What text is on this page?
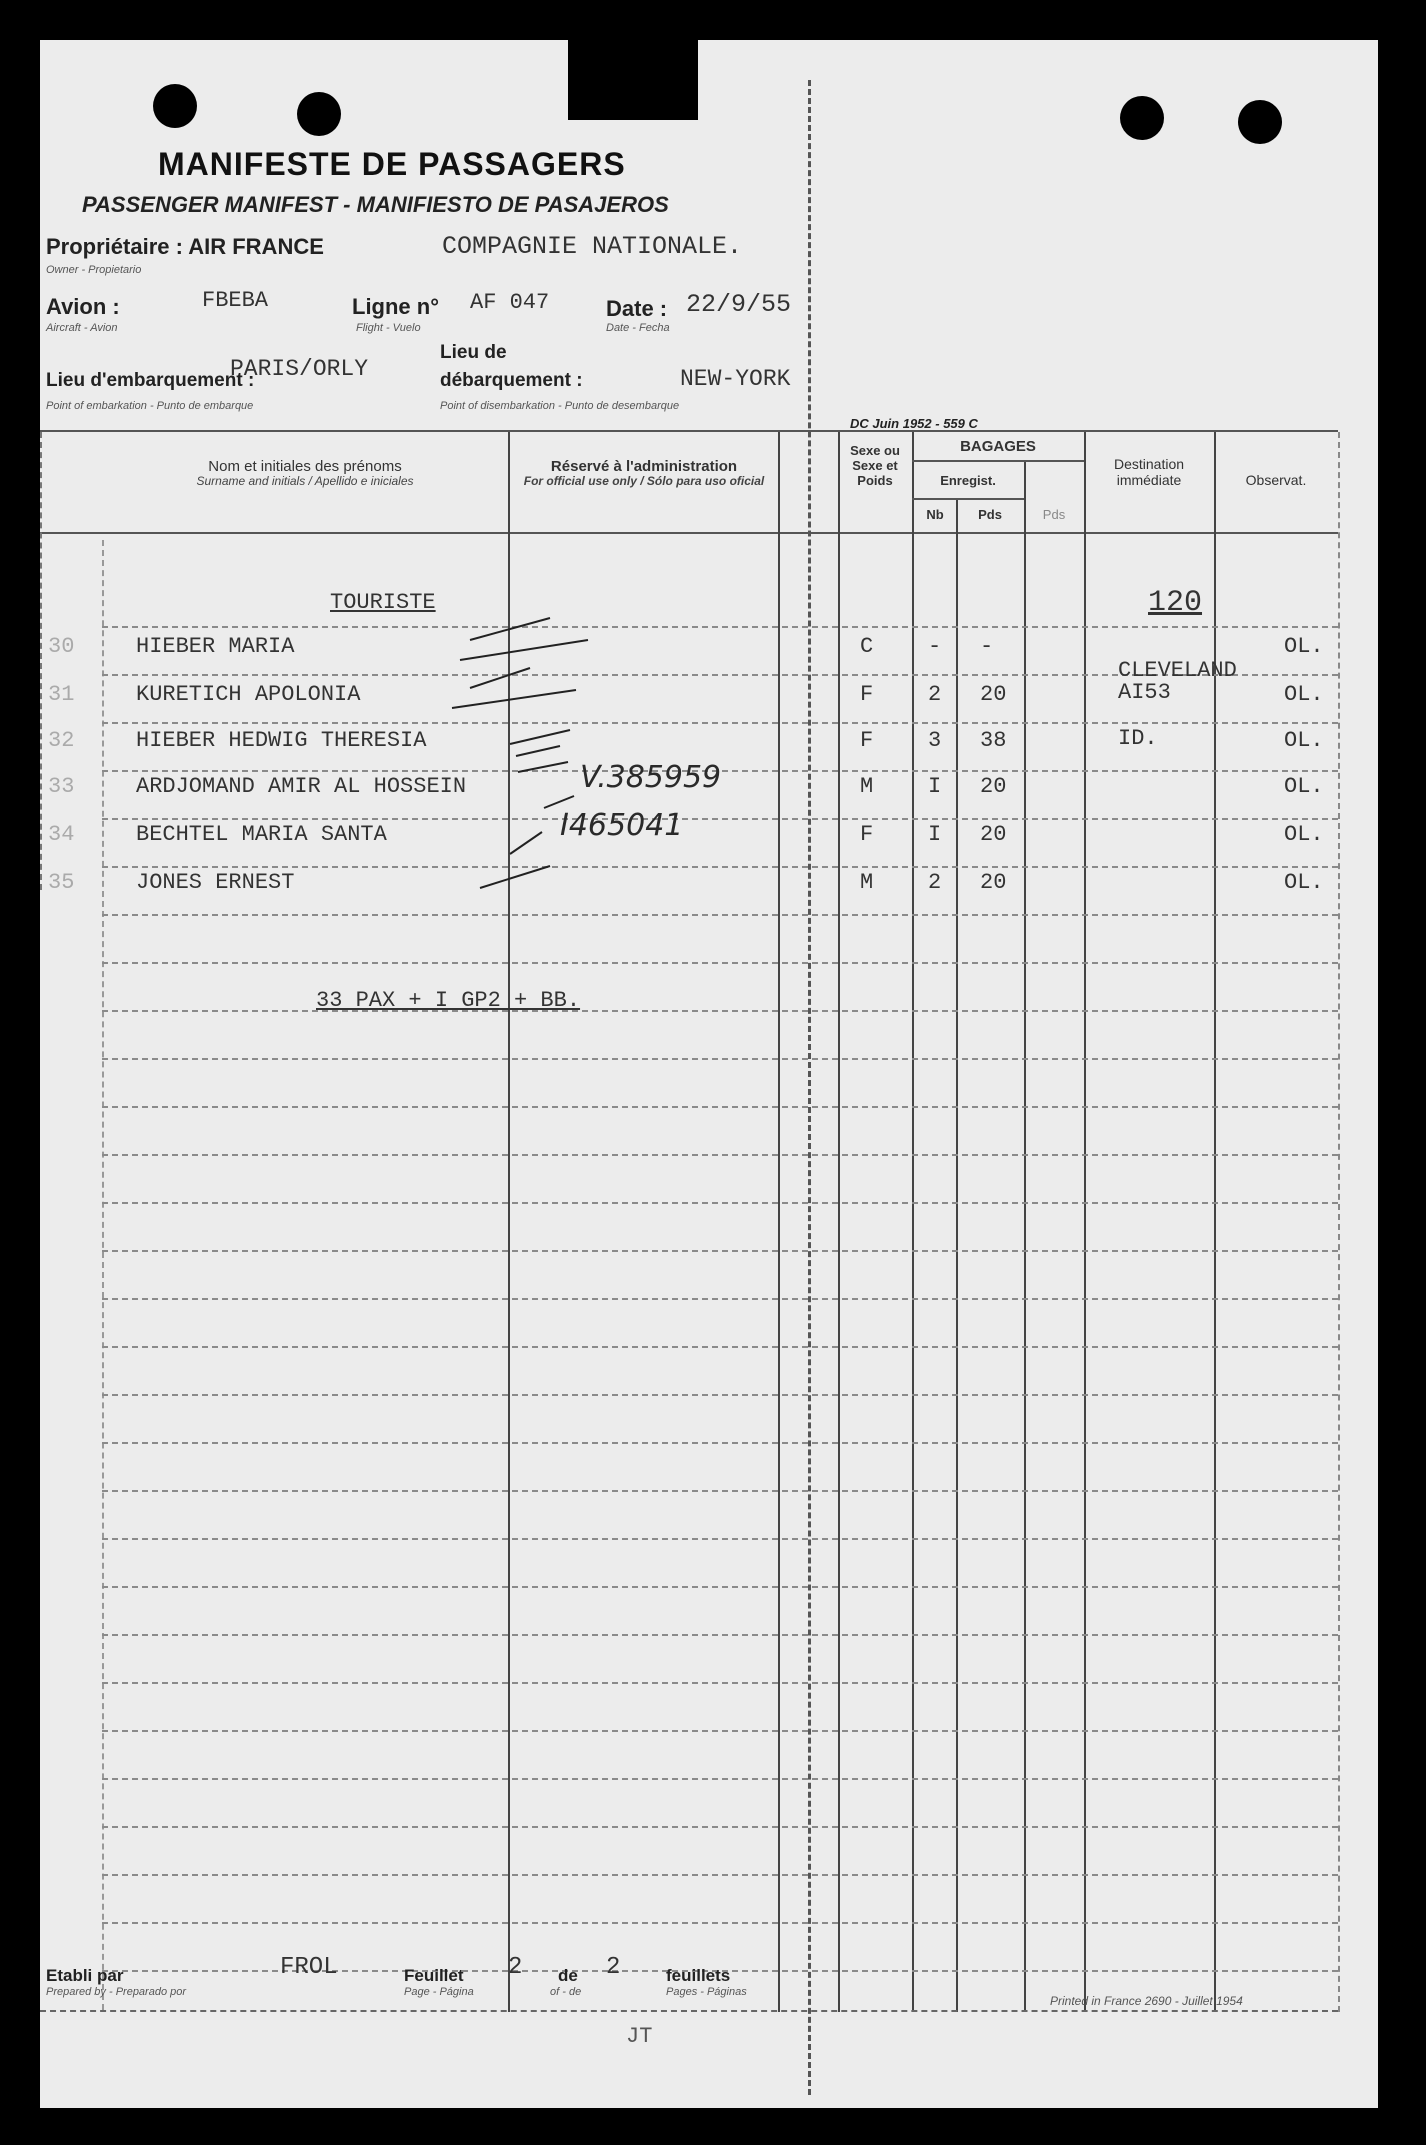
MANIFESTE DE PASSAGERS
PASSENGER MANIFEST - MANIFIESTO DE PASAJEROS
Propriétaire : AIR FRANCE	COMPAGNIE NATIONALE.
Owner - Propietario
Avion :	FBEBA
Aircraft - Avion
Ligne n° AF 047
Flight - Vuelo
Date : 22/9/55
Date - Fecha
Lieu d'embarquement :
PARIS/ORLY
Point of embarkation - Punto de embarque
Lieu de
débarquement :	NEW-YORK
Point of disembarkation - Punto de desembarque
DC Juin 1952 - 559 C
Nom et initiales des prénoms
Surname and initials / Apellido e iniciales
Réservé à l'administration
For official use only / Sólo para uso oficial
Sexe ou Sexe et Poids
BAGAGES
Enregist.
Nb	Pds	Pds
Destination immédiate	Observat.
TOURISTE	120
30	HIEBER MARIA	C - -	OL.
31	KURETICH APOLONIA	F 2 20	OL.
CLEVELAND AI53
32	HIEBER HEDWIG THERESIA	F 3 38	OL.
ID.
33	ARDJOMAND AMIR AL HOSSEIN	M I 20	OL.
V.385959
34	BECHTEL MARIA SANTA	F I 20	OL.
I465041
35	JONES ERNEST	M 2 20	OL.
33 PAX + I GP2 + BB.
Etabli par
Prepared by - Preparado por
FROL	Feuillet
Page - Página
2 de
of - de
2	feuillets
Pages - Páginas
Printed in France 2690 - Juillet 1954
JT
